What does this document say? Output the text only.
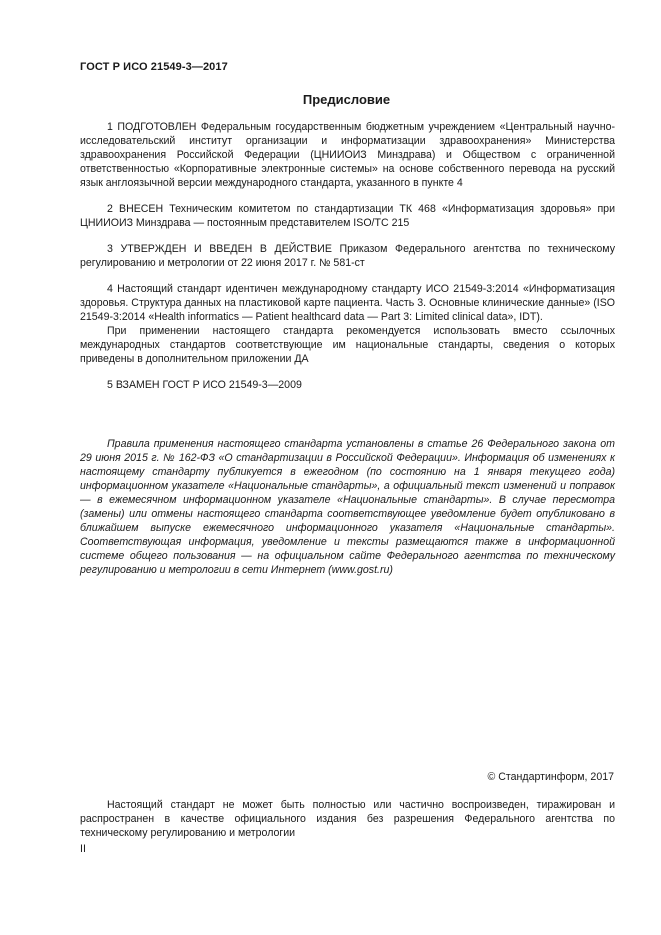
ГОСТ Р ИСО 21549-3—2017
Предисловие

1 ПОДГОТОВЛЕН Федеральным государственным бюджетным учреждением «Центральный научно-исследовательский институт организации и информатизации здравоохранения» Министерства здравоохранения Российской Федерации (ЦНИИОИЗ Минздрава) и Обществом с ограниченной ответственностью «Корпоративные электронные системы» на основе собственного перевода на русский язык англоязычной версии международного стандарта, указанного в пункте 4

2 ВНЕСЕН Техническим комитетом по стандартизации ТК 468 «Информатизация здоровья» при ЦНИИОИЗ Минздрава — постоянным представителем ISO/TC 215

3 УТВЕРЖДЕН И ВВЕДЕН В ДЕЙСТВИЕ Приказом Федерального агентства по техническому регулированию и метрологии от 22 июня 2017 г. № 581-ст

4 Настоящий стандарт идентичен международному стандарту ИСО 21549-3:2014 «Информатизация здоровья. Структура данных на пластиковой карте пациента. Часть 3. Основные клинические данные» (ISO 21549-3:2014 «Health informatics — Patient healthcard data — Part 3: Limited clinical data», IDT).

При применении настоящего стандарта рекомендуется использовать вместо ссылочных международных стандартов соответствующие им национальные стандарты, сведения о которых приведены в дополнительном приложении ДА

5 ВЗАМЕН ГОСТ Р ИСО 21549-3—2009

Правила применения настоящего стандарта установлены в статье 26 Федерального закона от 29 июня 2015 г. № 162-ФЗ «О стандартизации в Российской Федерации». Информация об изменениях к настоящему стандарту публикуется в ежегодном (по состоянию на 1 января текущего года) информационном указателе «Национальные стандарты», а официальный текст изменений и поправок — в ежемесячном информационном указателе «Национальные стандарты». В случае пересмотра (замены) или отмены настоящего стандарта соответствующее уведомление будет опубликовано в ближайшем выпуске ежемесячного информационного указателя «Национальные стандарты». Соответствующая информация, уведомление и тексты размещаются также в информационной системе общего пользования — на официальном сайте Федерального агентства по техническому регулированию и метрологии в сети Интернет (www.gost.ru)

© Стандартинформ, 2017

Настоящий стандарт не может быть полностью или частично воспроизведен, тиражирован и распространен в качестве официального издания без разрешения Федерального агентства по техническому регулированию и метрологии

II
